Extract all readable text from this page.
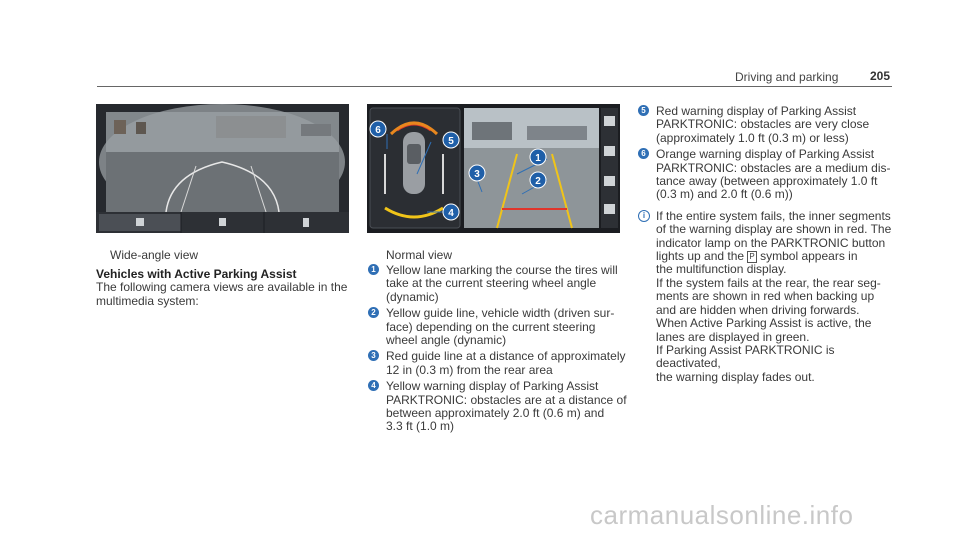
Driving and parking	205
6
5
3
4
1
2
Wide-angle view
Vehicles with Active Parking Assist
The following camera views are available in the
multimedia system:
Normal view
1 Yellow lane marking the course the tires will
take at the current steering wheel angle
(dynamic)
2 Yellow guide line, vehicle width (driven sur-
face) depending on the current steering
wheel angle (dynamic)
3 Red guide line at a distance of approximately
12 in (0.3 m) from the rear area
4 Yellow warning display of Parking Assist
PARKTRONIC: obstacles are at a distance of
between approximately 2.0 ft (0.6 m) and
3.3 ft (1.0 m)
5 Red warning display of Parking Assist
PARKTRONIC: obstacles are very close
(approximately 1.0 ft (0.3 m) or less)
6 Orange warning display of Parking Assist
PARKTRONIC: obstacles are a medium dis-
tance away (between approximately 1.0 ft
(0.3 m) and 2.0 ft (0.6 m))
i If the entire system fails, the inner segments
of the warning display are shown in red. The
indicator lamp on the PARKTRONIC button
lights up and the P symbol appears in
the multifunction display.
If the system fails at the rear, the rear seg-
ments are shown in red when backing up
and are hidden when driving forwards.
When Active Parking Assist is active, the
lanes are displayed in green.
If Parking Assist PARKTRONIC is deactivated,
the warning display fades out.
carmanualsonline.info
